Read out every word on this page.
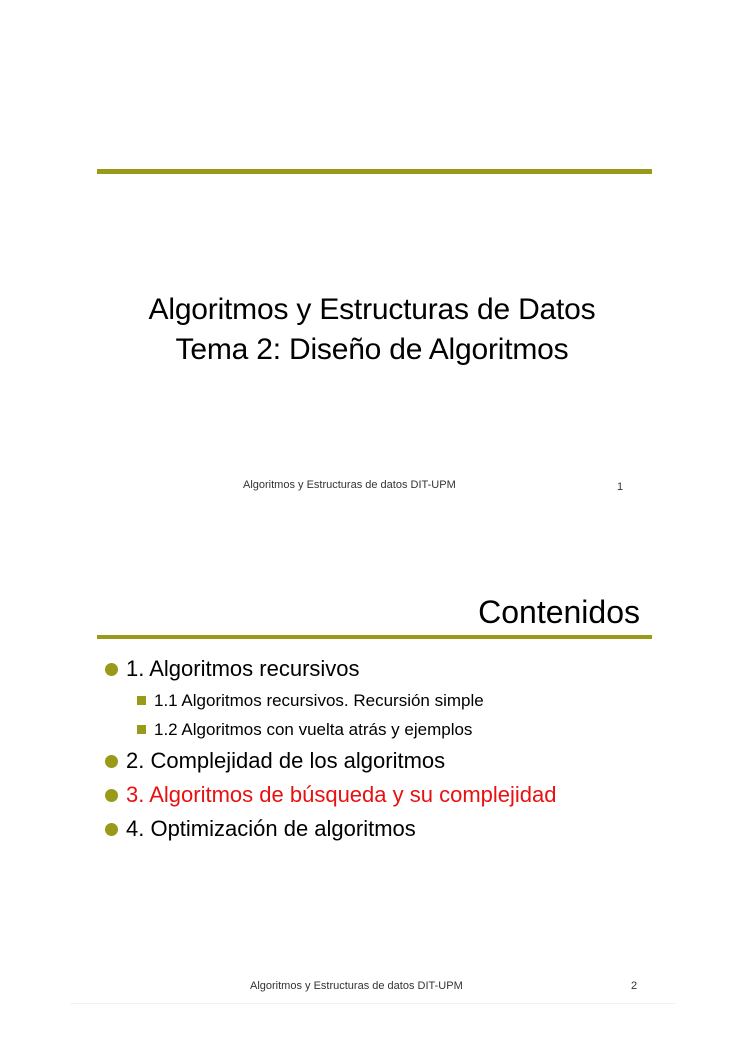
Algoritmos y Estructuras de Datos
Tema 2: Diseño de Algoritmos
Algoritmos y Estructuras de datos DIT-UPM	1
Contenidos
1. Algoritmos recursivos
1.1 Algoritmos recursivos. Recursión simple
1.2 Algoritmos con vuelta atrás y ejemplos
2. Complejidad de los algoritmos
3. Algoritmos de búsqueda y su complejidad
4. Optimización de algoritmos
Algoritmos y Estructuras de datos DIT-UPM	2
